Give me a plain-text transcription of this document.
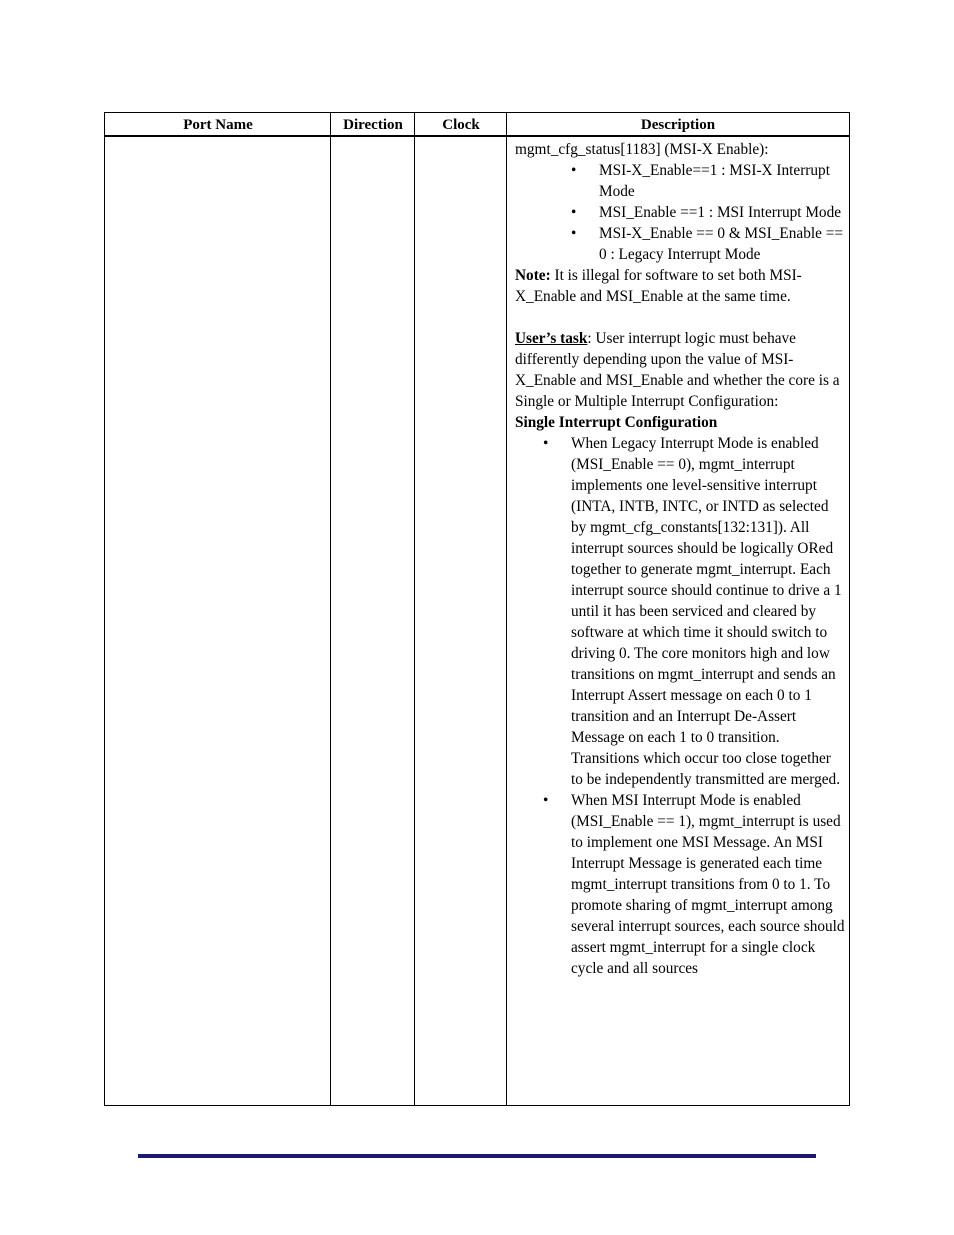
Port Name	Direction	Clock	Description

mgmt_cfg_status[1183] (MSI-X Enable):

• MSI-X_Enable==1 : MSI-X Interrupt Mode
• MSI_Enable ==1 : MSI Interrupt Mode
• MSI-X_Enable == 0 & MSI_Enable == 0 : Legacy Interrupt Mode

Note: It is illegal for software to set both MSI-X_Enable and MSI_Enable at the same time.

User’s task: User interrupt logic must behave differently depending upon the value of MSI-X_Enable and MSI_Enable and whether the core is a Single or Multiple Interrupt Configuration:

Single Interrupt Configuration

• When Legacy Interrupt Mode is enabled (MSI_Enable == 0), mgmt_interrupt implements one level-sensitive interrupt (INTA, INTB, INTC, or INTD as selected by mgmt_cfg_constants[132:131]). All interrupt sources should be logically ORed together to generate mgmt_interrupt. Each interrupt source should continue to drive a 1 until it has been serviced and cleared by software at which time it should switch to driving 0. The core monitors high and low transitions on mgmt_interrupt and sends an Interrupt Assert message on each 0 to 1 transition and an Interrupt De-Assert Message on each 1 to 0 transition. Transitions which occur too close together to be independently transmitted are merged.
• When MSI Interrupt Mode is enabled (MSI_Enable == 1), mgmt_interrupt is used to implement one MSI Message. An MSI Interrupt Message is generated each time mgmt_interrupt transitions from 0 to 1. To promote sharing of mgmt_interrupt among several interrupt sources, each source should assert mgmt_interrupt for a single clock cycle and all sources
